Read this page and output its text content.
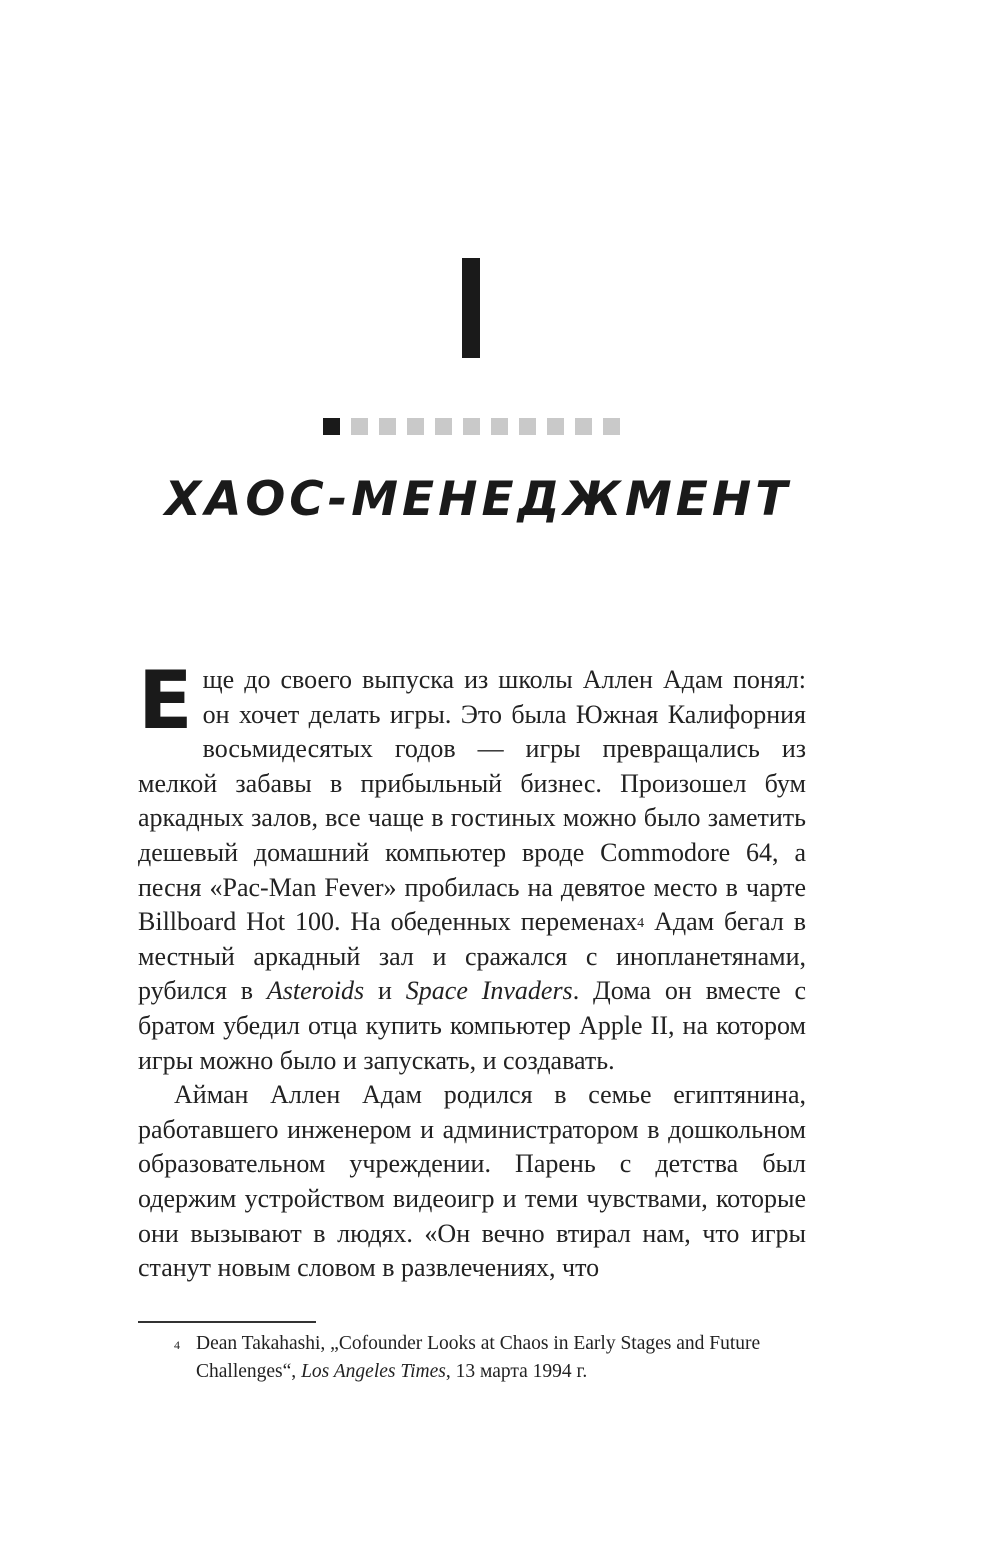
ХАОС-МЕНЕДЖМЕНТ

Еще до своего выпуска из школы Аллен Адам понял: он хочет делать игры. Это была Южная Калифорния восьмидесятых годов — игры превращались из мелкой забавы в прибыльный бизнес. Произошел бум аркадных залов, все чаще в гостиных можно было заметить дешевый домашний компьютер вроде Commodore 64, а песня «Pac-Man Fever» пробилась на девятое место в чарте Billboard Hot 100. На обеденных переменах$^4$ Адам бегал в местный аркадный зал и сражался с инопланетянами, рубился в Asteroids и Space Invaders. Дома он вместе с братом убедил отца купить компьютер Apple II, на котором игры можно было и запускать, и создавать.

Айман Аллен Адам родился в семье египтянина, работавшего инженером и администратором в дошкольном образовательном учреждении. Парень с детства был одержим устройством видеоигр и теми чувствами, которые они вызывают в людях. «Он вечно втирал нам, что игры станут новым словом в развлечениях, что

4 Dean Takahashi, „Cofounder Looks at Chaos in Early Stages and Future Challenges“, Los Angeles Times, 13 марта 1994 г.
